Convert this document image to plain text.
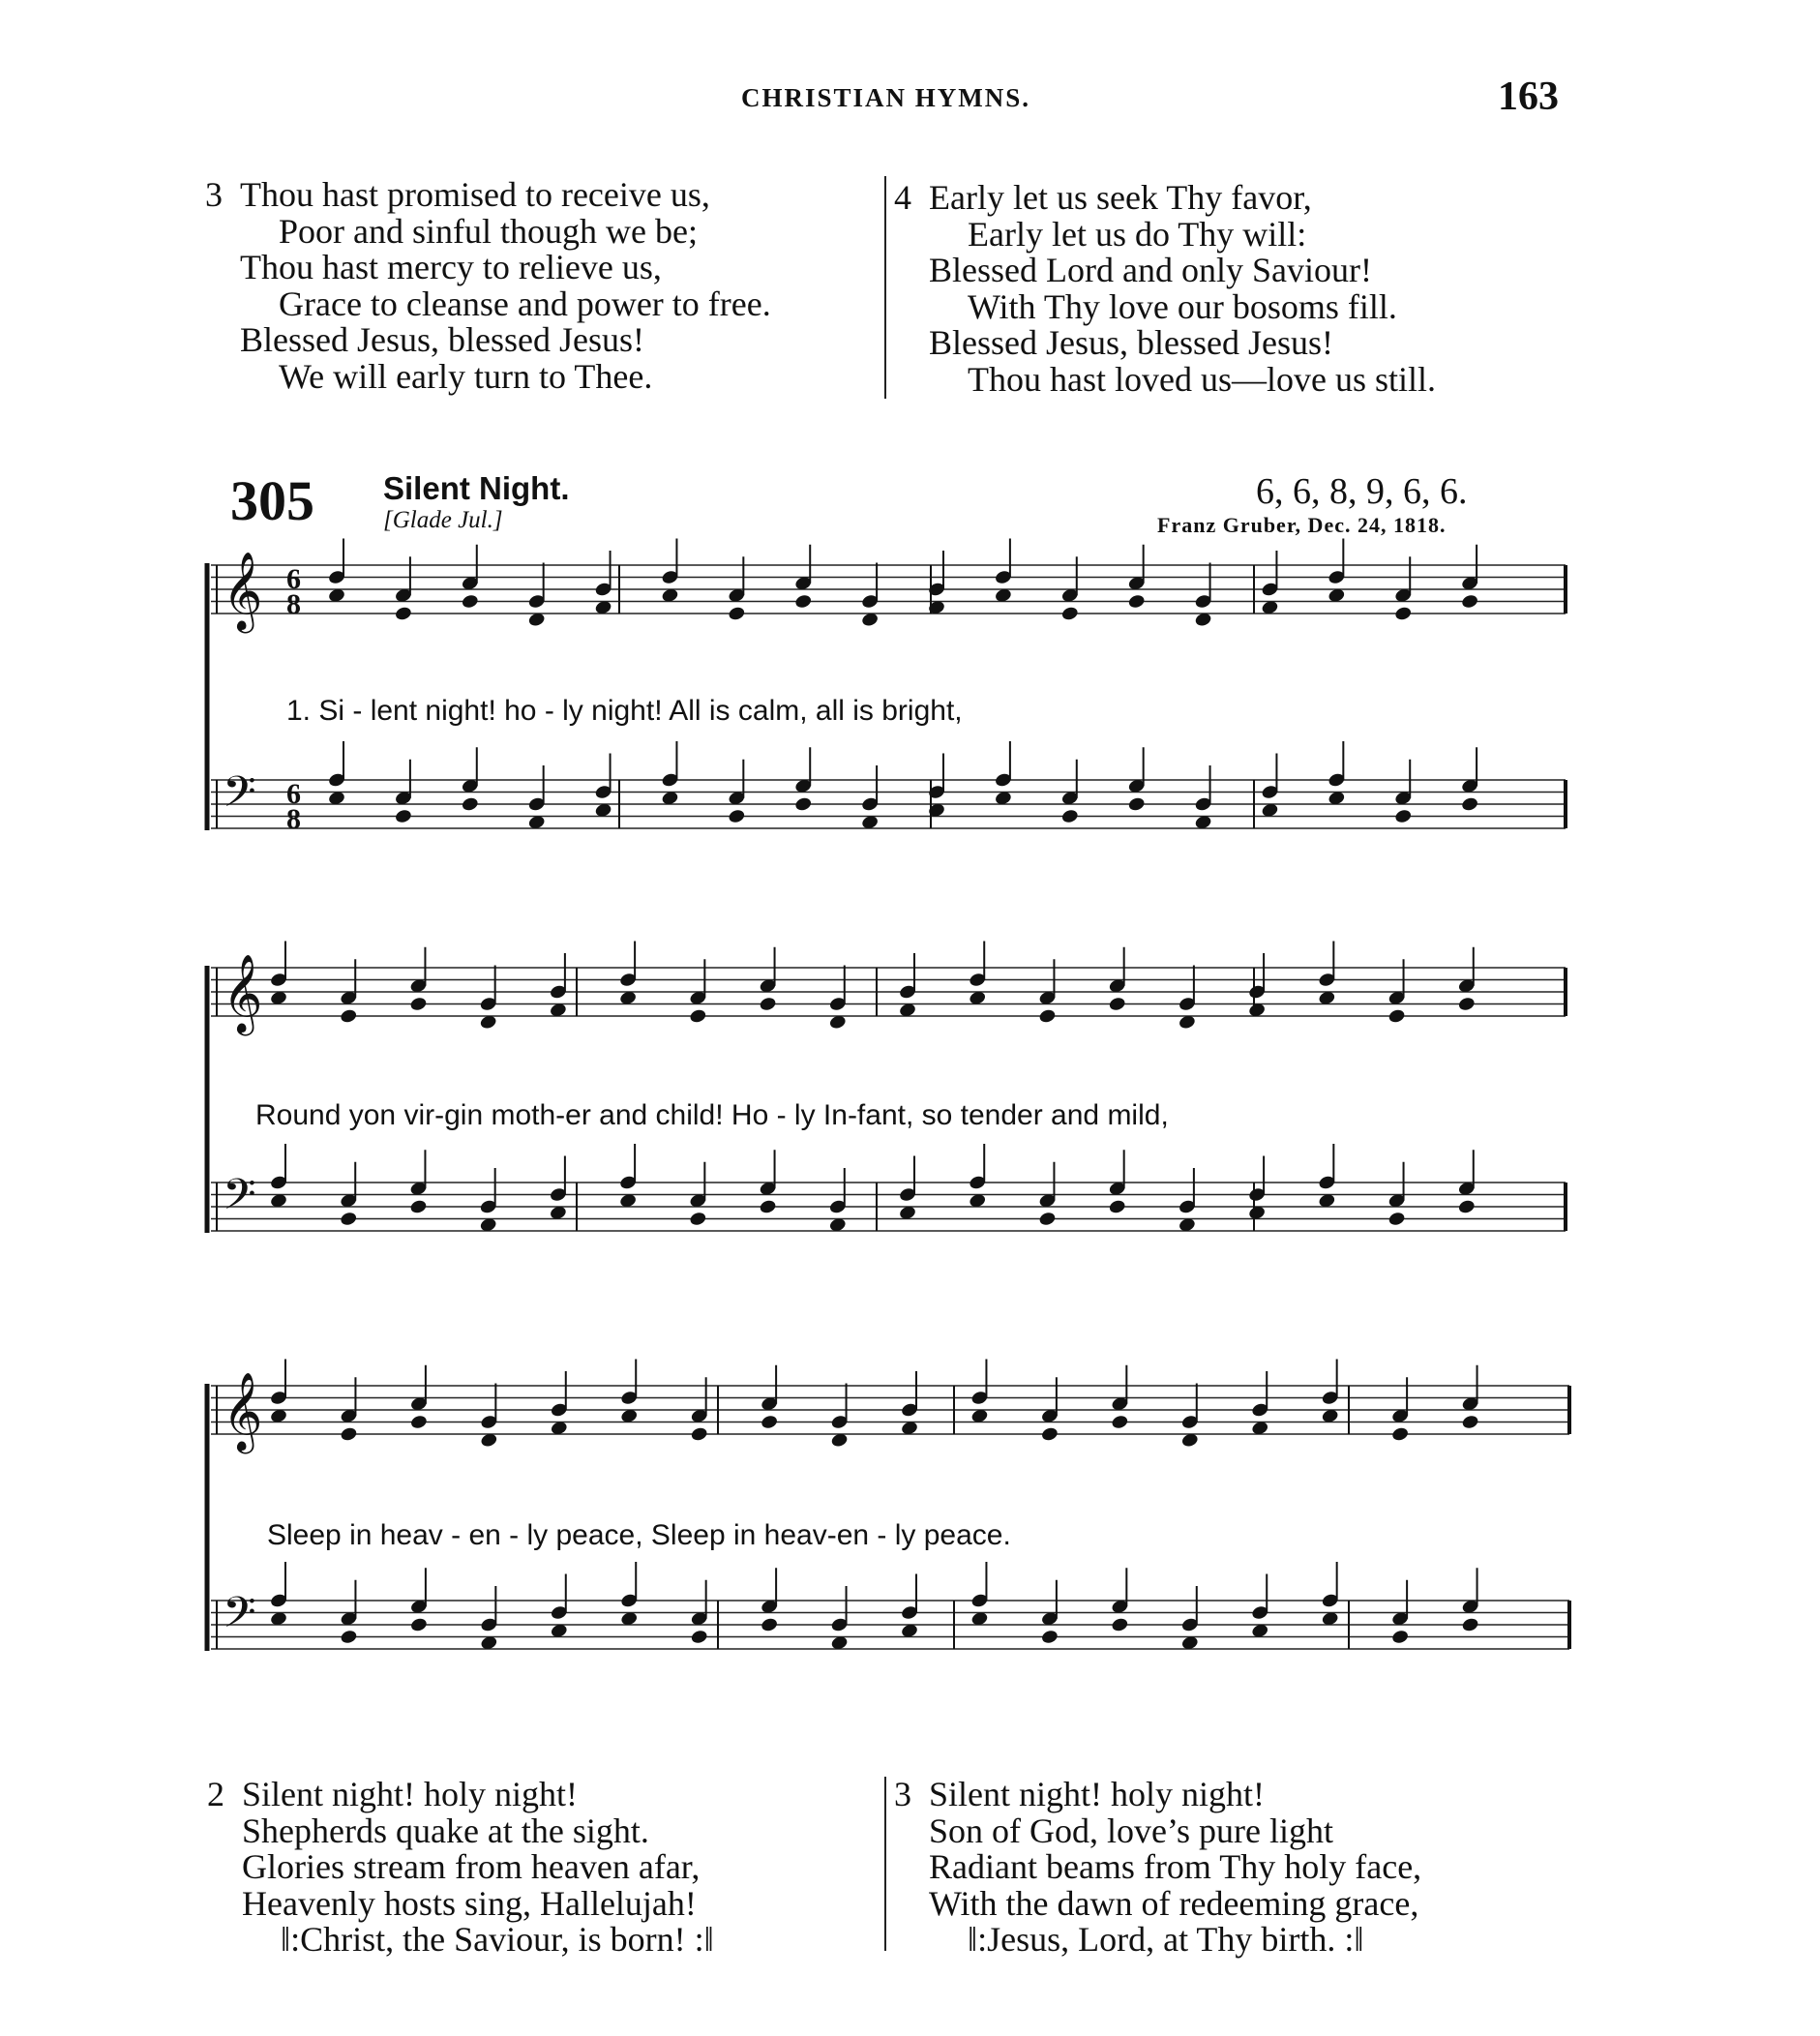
CHRISTIAN HYMNS.	163
3 Thou hast promised to receive us,
Poor and sinful though we be;
Thou hast mercy to relieve us,
Grace to cleanse and power to free.
Blessed Jesus, blessed Jesus!
We will early turn to Thee.
4 Early let us seek Thy favor,
Early let us do Thy will:
Blessed Lord and only Saviour!
With Thy love our bosoms fill.
Blessed Jesus, blessed Jesus!
Thou hast loved us—love us still.
305 Silent Night.
[Glade Jul.]
6, 6, 8, 9, 6, 6.
Franz Gruber, Dec. 24, 1818.
𝄞 6
8
𝄢 6
8
𝄞
𝄢
𝄞
𝄢
1. Si - lent night! ho - ly night! All is calm, all is bright,
Round yon vir-gin moth-er and child! Ho - ly In-fant, so tender and mild,
Sleep in heav - en - ly peace, Sleep in heav-en - ly peace.
2 Silent night! holy night!
Shepherds quake at the sight.
Glories stream from heaven afar,
Heavenly hosts sing, Hallelujah!
‖:Christ, the Saviour, is born! :‖
3 Silent night! holy night!
Son of God, love’s pure light
Radiant beams from Thy holy face,
With the dawn of redeeming grace,
‖:Jesus, Lord, at Thy birth. :‖
